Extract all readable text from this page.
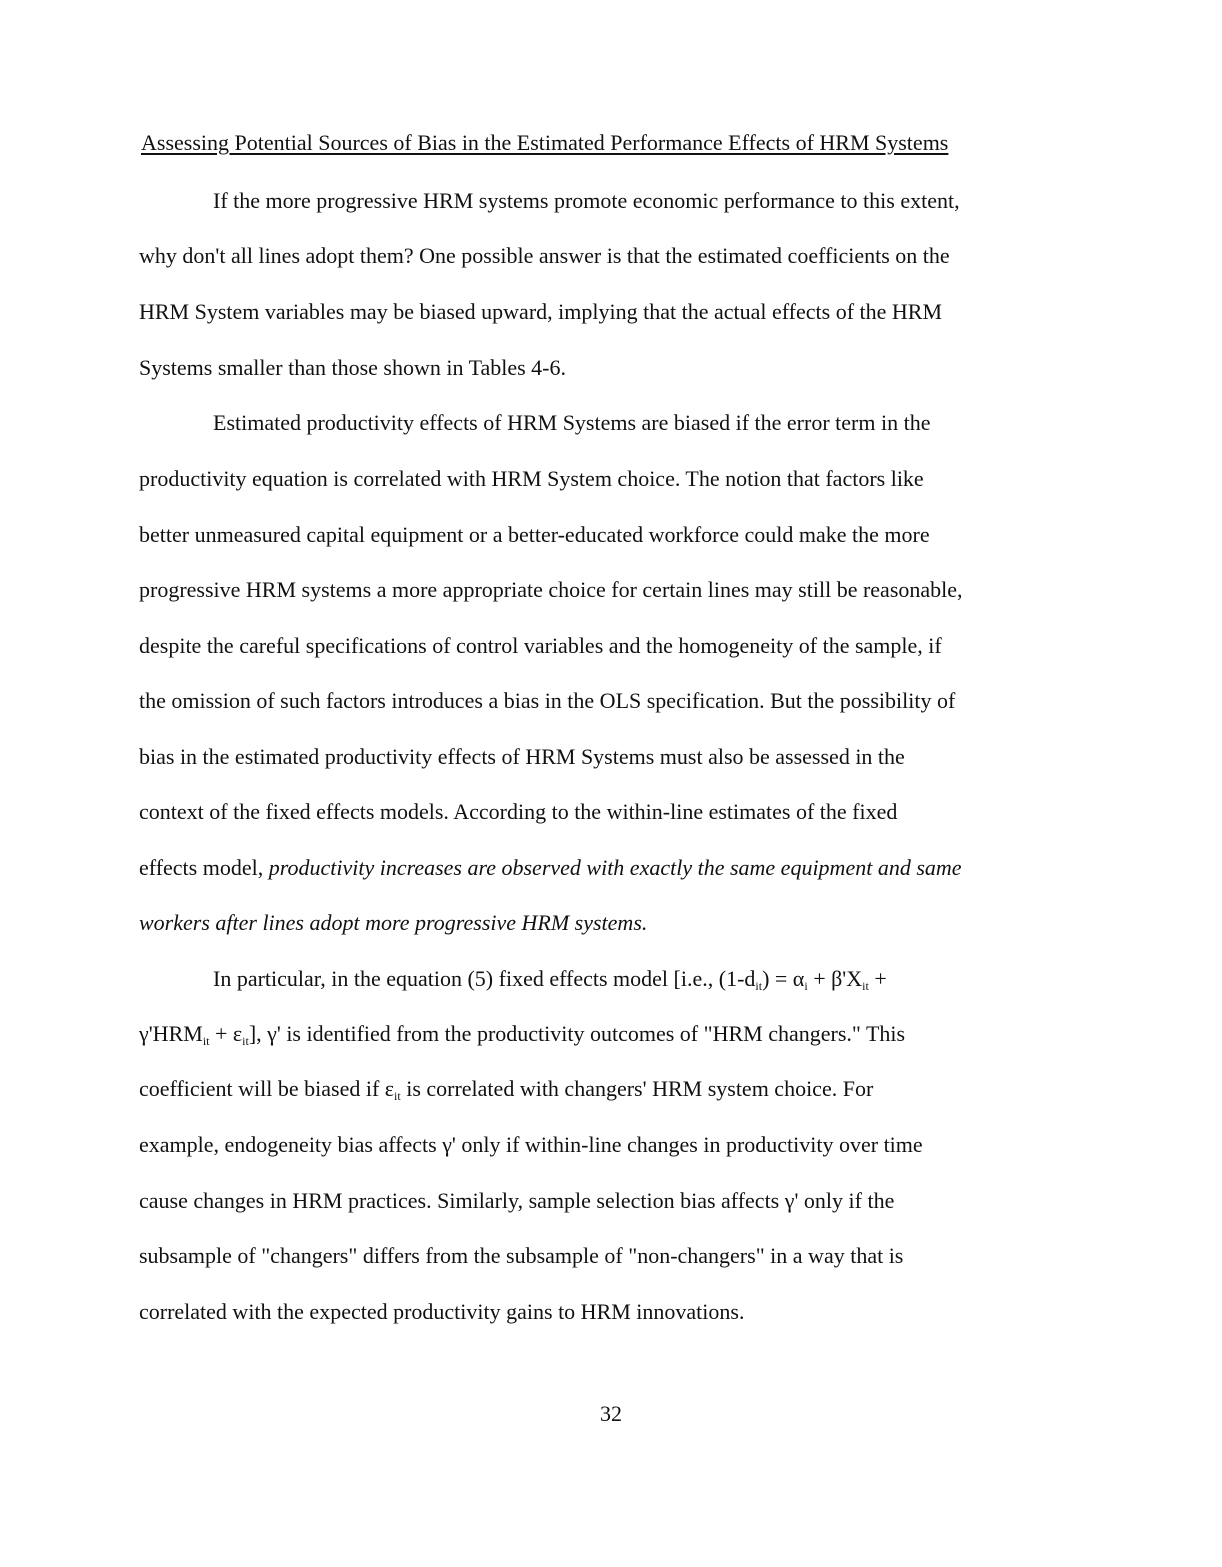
Assessing Potential Sources of Bias in the Estimated Performance Effects of HRM Systems
If the more progressive HRM systems promote economic performance to this extent,
why don't all lines adopt them? One possible answer is that the estimated coefficients on the
HRM System variables may be biased upward, implying that the actual effects of the HRM
Systems smaller than those shown in Tables 4-6.
Estimated productivity effects of HRM Systems are biased if the error term in the
productivity equation is correlated with HRM System choice. The notion that factors like
better unmeasured capital equipment or a better-educated workforce could make the more
progressive HRM systems a more appropriate choice for certain lines may still be reasonable,
despite the careful specifications of control variables and the homogeneity of the sample, if
the omission of such factors introduces a bias in the OLS specification. But the possibility of
bias in the estimated productivity effects of HRM Systems must also be assessed in the
context of the fixed effects models. According to the within-line estimates of the fixed
effects model, productivity increases are observed with exactly the same equipment and same
workers after lines adopt more progressive HRM systems.
In particular, in the equation (5) fixed effects model [i.e., $(1-d_{it}) = \alpha_i + \beta'X_{it}$ +
$\gamma'HRM_{it} + \varepsilon_{it}$], γ' is identified from the productivity outcomes of "HRM changers." This
coefficient will be biased if $\varepsilon_{it}$ is correlated with changers' HRM system choice. For
example, endogeneity bias affects γ' only if within-line changes in productivity over time
cause changes in HRM practices. Similarly, sample selection bias affects γ' only if the
subsample of "changers" differs from the subsample of "non-changers" in a way that is
correlated with the expected productivity gains to HRM innovations.
32
